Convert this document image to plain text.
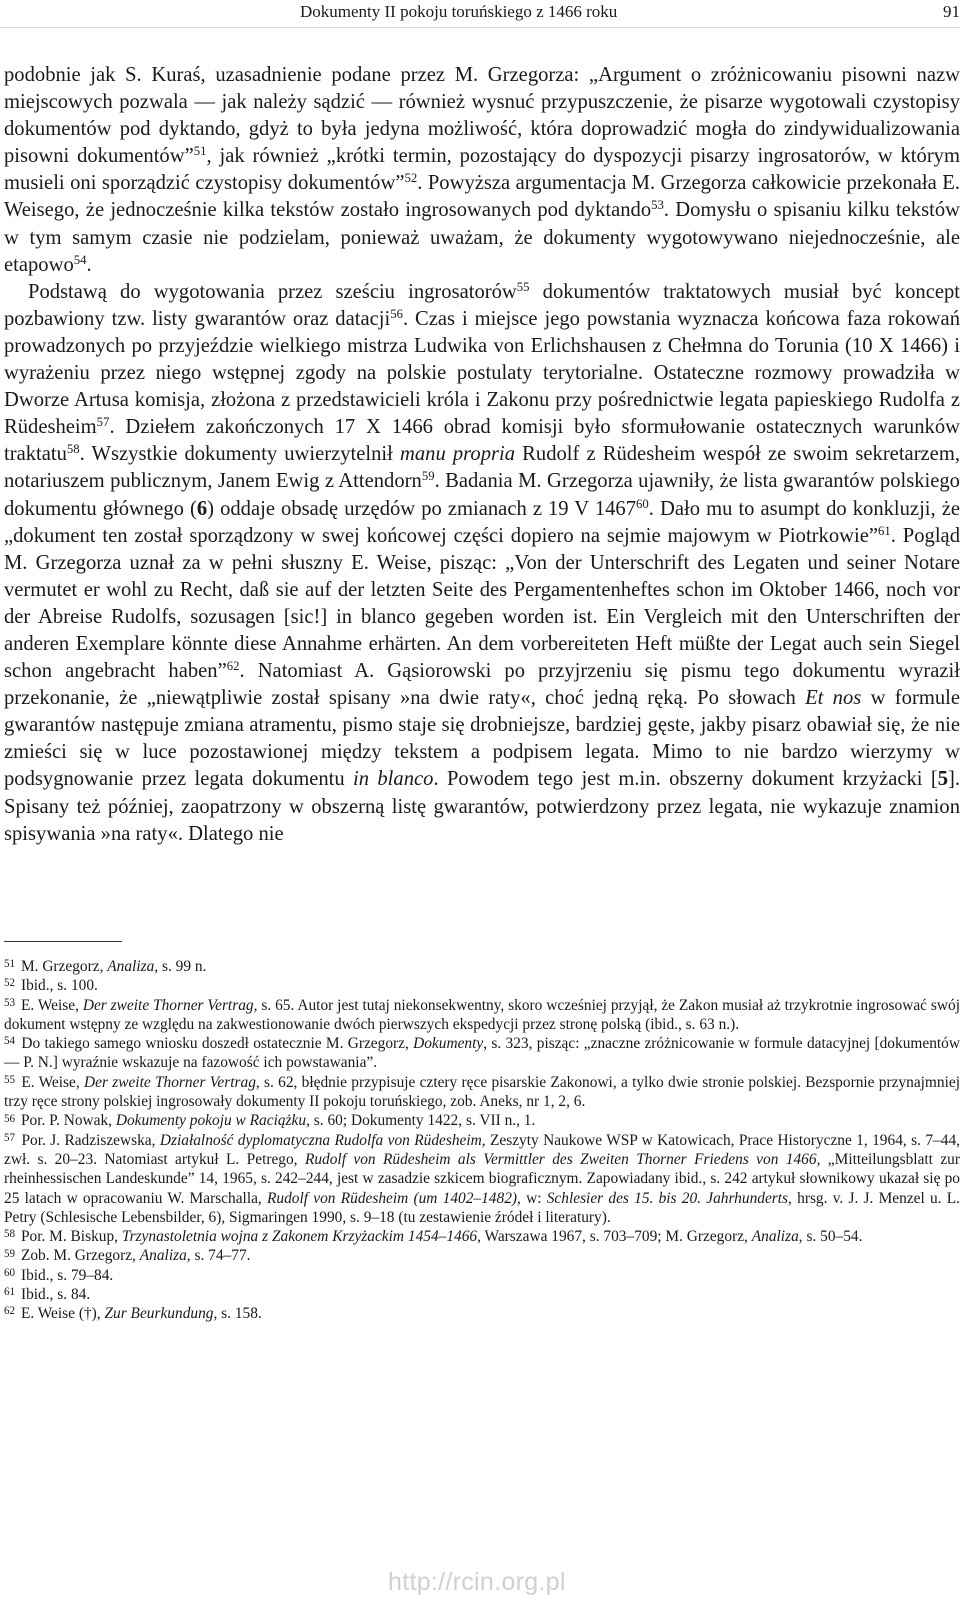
Dokumenty II pokoju toruńskiego z 1466 roku	91

podobnie jak S. Kuraś, uzasadnienie podane przez M. Grzegorza: „Argument o zróżnicowaniu pisowni nazw miejscowych pozwala — jak należy sądzić — również wysnuć przypuszczenie, że pisarze wygotowali czystopisy dokumentów pod dyktando, gdyż to była jedyna możliwość, która doprowadzić mogła do zindywidualizowania pisowni dokumentów”$^{51}$, jak również „krótki termin, pozostający do dyspozycji pisarzy ingrosatorów, w którym musieli oni sporządzić czystopisy dokumentów”$^{52}$. Powyższa argumentacja M. Grzegorza całkowicie przekonała E. Weisego, że jednocześnie kilka tekstów zostało ingrosowanych pod dyktando$^{53}$. Domysłu o spisaniu kilku tekstów w tym samym czasie nie podzielam, ponieważ uważam, że dokumenty wygotowywano niejednocześnie, ale etapowo$^{54}$.

Podstawą do wygotowania przez sześciu ingrosatorów$^{55}$ dokumentów traktatowych musiał być koncept pozbawiony tzw. listy gwarantów oraz datacji$^{56}$. Czas i miejsce jego powstania wyznacza końcowa faza rokowań prowadzonych po przyjeździe wielkiego mistrza Ludwika von Erlichshausen z Chełmna do Torunia (10 X 1466) i wyrażeniu przez niego wstępnej zgody na polskie postulaty terytorialne. Ostateczne rozmowy prowadziła w Dworze Artusa komisja, złożona z przedstawicieli króla i Zakonu przy pośrednictwie legata papieskiego Rudolfa z Rüdesheim$^{57}$. Dziełem zakończonych 17 X 1466 obrad komisji było sformułowanie ostatecznych warunków traktatu$^{58}$. Wszystkie dokumenty uwierzytelnił manu propria Rudolf z Rüdesheim wespół ze swoim sekretarzem, notariuszem publicznym, Janem Ewig z Attendorn$^{59}$. Badania M. Grzegorza ujawniły, że lista gwarantów polskiego dokumentu głównego (6) oddaje obsadę urzędów po zmianach z 19 V 1467$^{60}$. Dało mu to asumpt do konkluzji, że „dokument ten został sporządzony w swej końcowej części dopiero na sejmie majowym w Piotrkowie”$^{61}$. Pogląd M. Grzegorza uznał za w pełni słuszny E. Weise, pisząc: „Von der Unterschrift des Legaten und seiner Notare vermutet er wohl zu Recht, daß sie auf der letzten Seite des Pergamentenheftes schon im Oktober 1466, noch vor der Abreise Rudolfs, sozusagen [sic!] in blanco gegeben worden ist. Ein Vergleich mit den Unterschriften der anderen Exemplare könnte diese Annahme erhärten. An dem vorbereiteten Heft müßte der Legat auch sein Siegel schon angebracht haben”$^{62}$. Natomiast A. Gąsiorowski po przyjrzeniu się pismu tego dokumentu wyraził przekonanie, że „niewątpliwie został spisany »na dwie raty«, choć jedną ręką. Po słowach Et nos w formule gwarantów następuje zmiana atramentu, pismo staje się drobniejsze, bardziej gęste, jakby pisarz obawiał się, że nie zmieści się w luce pozostawionej między tekstem a podpisem legata. Mimo to nie bardzo wierzymy w podsygnowanie przez legata dokumentu in blanco. Powodem tego jest m.in. obszerny dokument krzyżacki [5]. Spisany też później, zaopatrzony w obszerną listę gwarantów, potwierdzony przez legata, nie wykazuje znamion spisywania »na raty«. Dlatego nie

$^{51}$ M. Grzegorz, Analiza, s. 99 n.

$^{52}$ Ibid., s. 100.

$^{53}$ E. Weise, Der zweite Thorner Vertrag, s. 65. Autor jest tutaj niekonsekwentny, skoro wcześniej przyjął, że Zakon musiał aż trzykrotnie ingrosować swój dokument wstępny ze względu na zakwestionowanie dwóch pierwszych ekspedycji przez stronę polską (ibid., s. 63 n.).

$^{54}$ Do takiego samego wniosku doszedł ostatecznie M. Grzegorz, Dokumenty, s. 323, pisząc: „znaczne zróżnicowanie w formule datacyjnej [dokumentów — P. N.] wyraźnie wskazuje na fazowość ich powstawania”.

$^{55}$ E. Weise, Der zweite Thorner Vertrag, s. 62, błędnie przypisuje cztery ręce pisarskie Zakonowi, a tylko dwie stronie polskiej. Bezspornie przynajmniej trzy ręce strony polskiej ingrosowały dokumenty II pokoju toruńskiego, zob. Aneks, nr 1, 2, 6.

$^{56}$ Por. P. Nowak, Dokumenty pokoju w Raciążku, s. 60; Dokumenty 1422, s. VII n., 1.

$^{57}$ Por. J. Radziszewska, Działalność dyplomatyczna Rudolfa von Rüdesheim, Zeszyty Naukowe WSP w Katowicach, Prace Historyczne 1, 1964, s. 7–44, zwł. s. 20–23. Natomiast artykuł L. Petrego, Rudolf von Rüdesheim als Vermittler des Zweiten Thorner Friedens von 1466, „Mitteilungsblatt zur rheinhessischen Landeskunde” 14, 1965, s. 242–244, jest w zasadzie szkicem biograficznym. Zapowiadany ibid., s. 242 artykuł słownikowy ukazał się po 25 latach w opracowaniu W. Marschalla, Rudolf von Rüdesheim (um 1402–1482), w: Schlesier des 15. bis 20. Jahrhunderts, hrsg. v. J. J. Menzel u. L. Petry (Schlesische Lebensbilder, 6), Sigmaringen 1990, s. 9–18 (tu zestawienie źródeł i literatury).

$^{58}$ Por. M. Biskup, Trzynastoletnia wojna z Zakonem Krzyżackim 1454–1466, Warszawa 1967, s. 703–709; M. Grzegorz, Analiza, s. 50–54.

$^{59}$ Zob. M. Grzegorz, Analiza, s. 74–77.

$^{60}$ Ibid., s. 79–84.

$^{61}$ Ibid., s. 84.

$^{62}$ E. Weise (†), Zur Beurkundung, s. 158.

http://rcin.org.pl
